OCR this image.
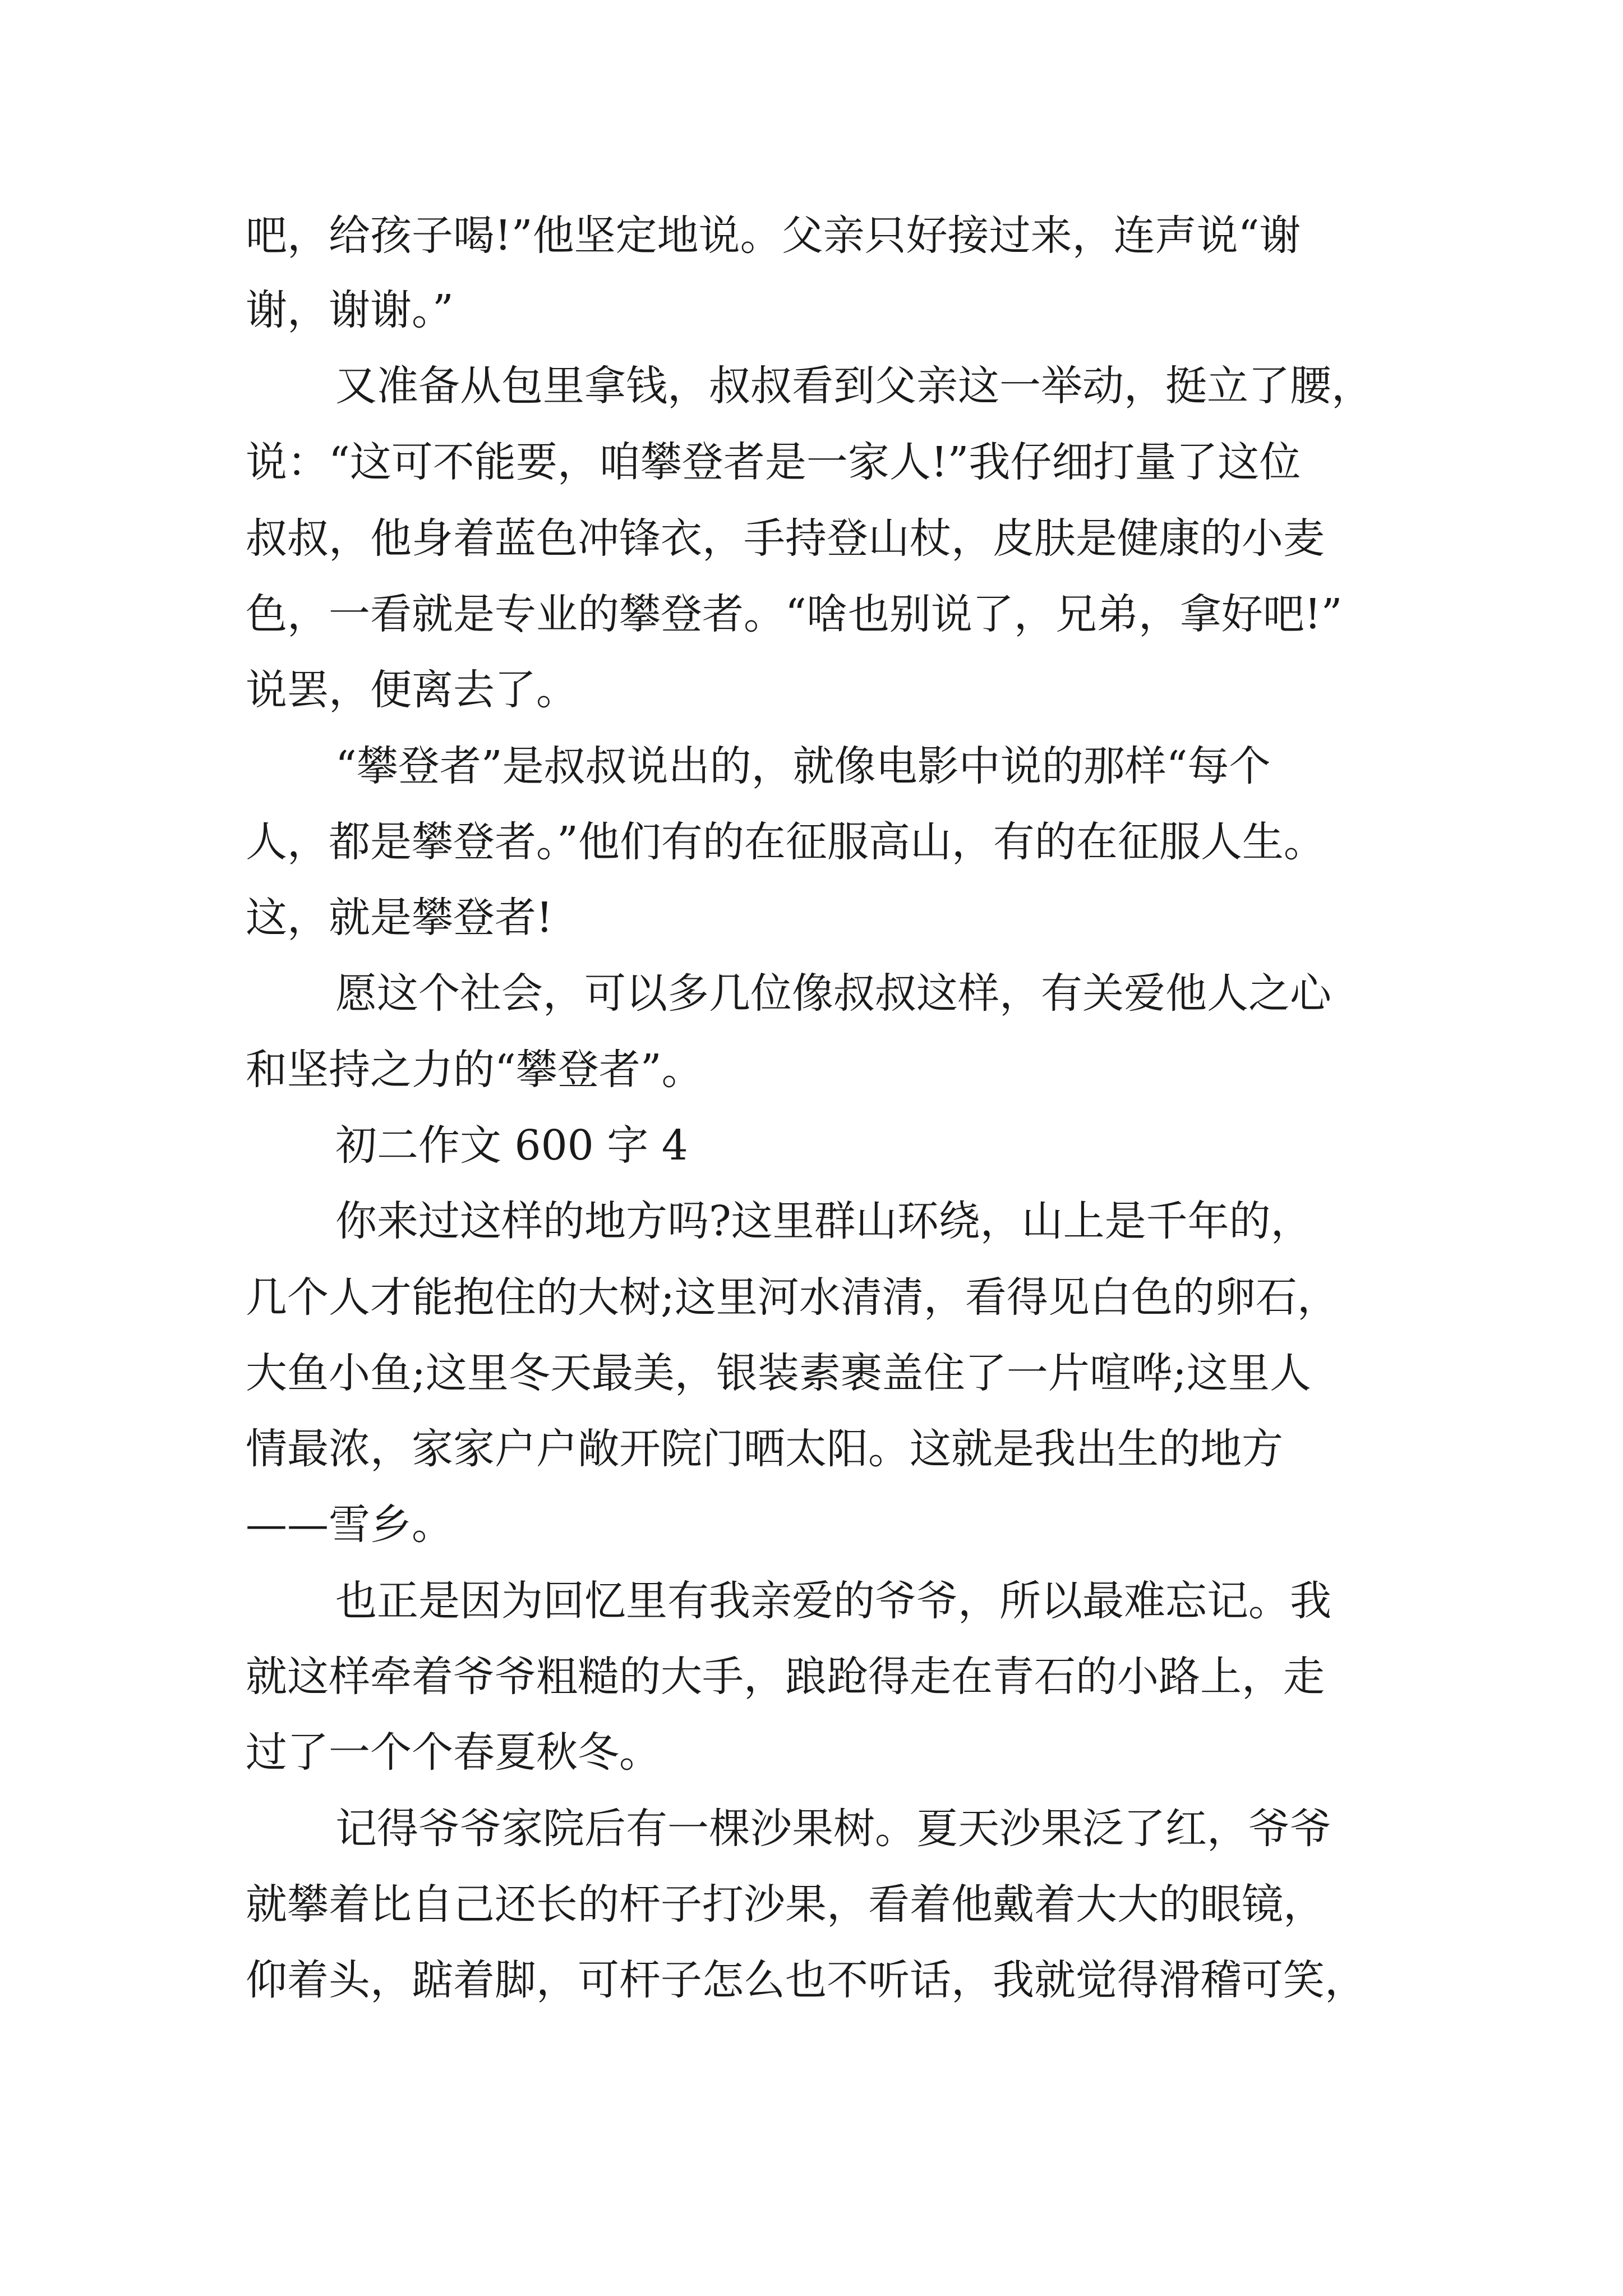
吧，给孩子喝!”他坚定地说。父亲只好接过来，连声说“谢
谢，谢谢。”
又准备从包里拿钱，叔叔看到父亲这一举动，挺立了腰，
说：“这可不能要，咱攀登者是一家人!”我仔细打量了这位
叔叔，他身着蓝色冲锋衣，手持登山杖，皮肤是健康的小麦
色，一看就是专业的攀登者。“啥也别说了，兄弟，拿好吧!”
说罢，便离去了。
“攀登者”是叔叔说出的，就像电影中说的那样“每个
人，都是攀登者。”他们有的在征服高山，有的在征服人生。
这，就是攀登者!
愿这个社会，可以多几位像叔叔这样，有关爱他人之心
和坚持之力的“攀登者”。
初二作文 600 字 4
你来过这样的地方吗?这里群山环绕，山上是千年的，
几个人才能抱住的大树;这里河水清清，看得见白色的卵石，
大鱼小鱼;这里冬天最美，银装素裹盖住了一片喧哗;这里人
情最浓，家家户户敞开院门晒太阳。这就是我出生的地方
——雪乡。
也正是因为回忆里有我亲爱的爷爷，所以最难忘记。我
就这样牵着爷爷粗糙的大手，踉跄得走在青石的小路上，走
过了一个个春夏秋冬。
记得爷爷家院后有一棵沙果树。夏天沙果泛了红，爷爷
就攀着比自己还长的杆子打沙果，看着他戴着大大的眼镜，
仰着头，踮着脚，可杆子怎么也不听话，我就觉得滑稽可笑，
